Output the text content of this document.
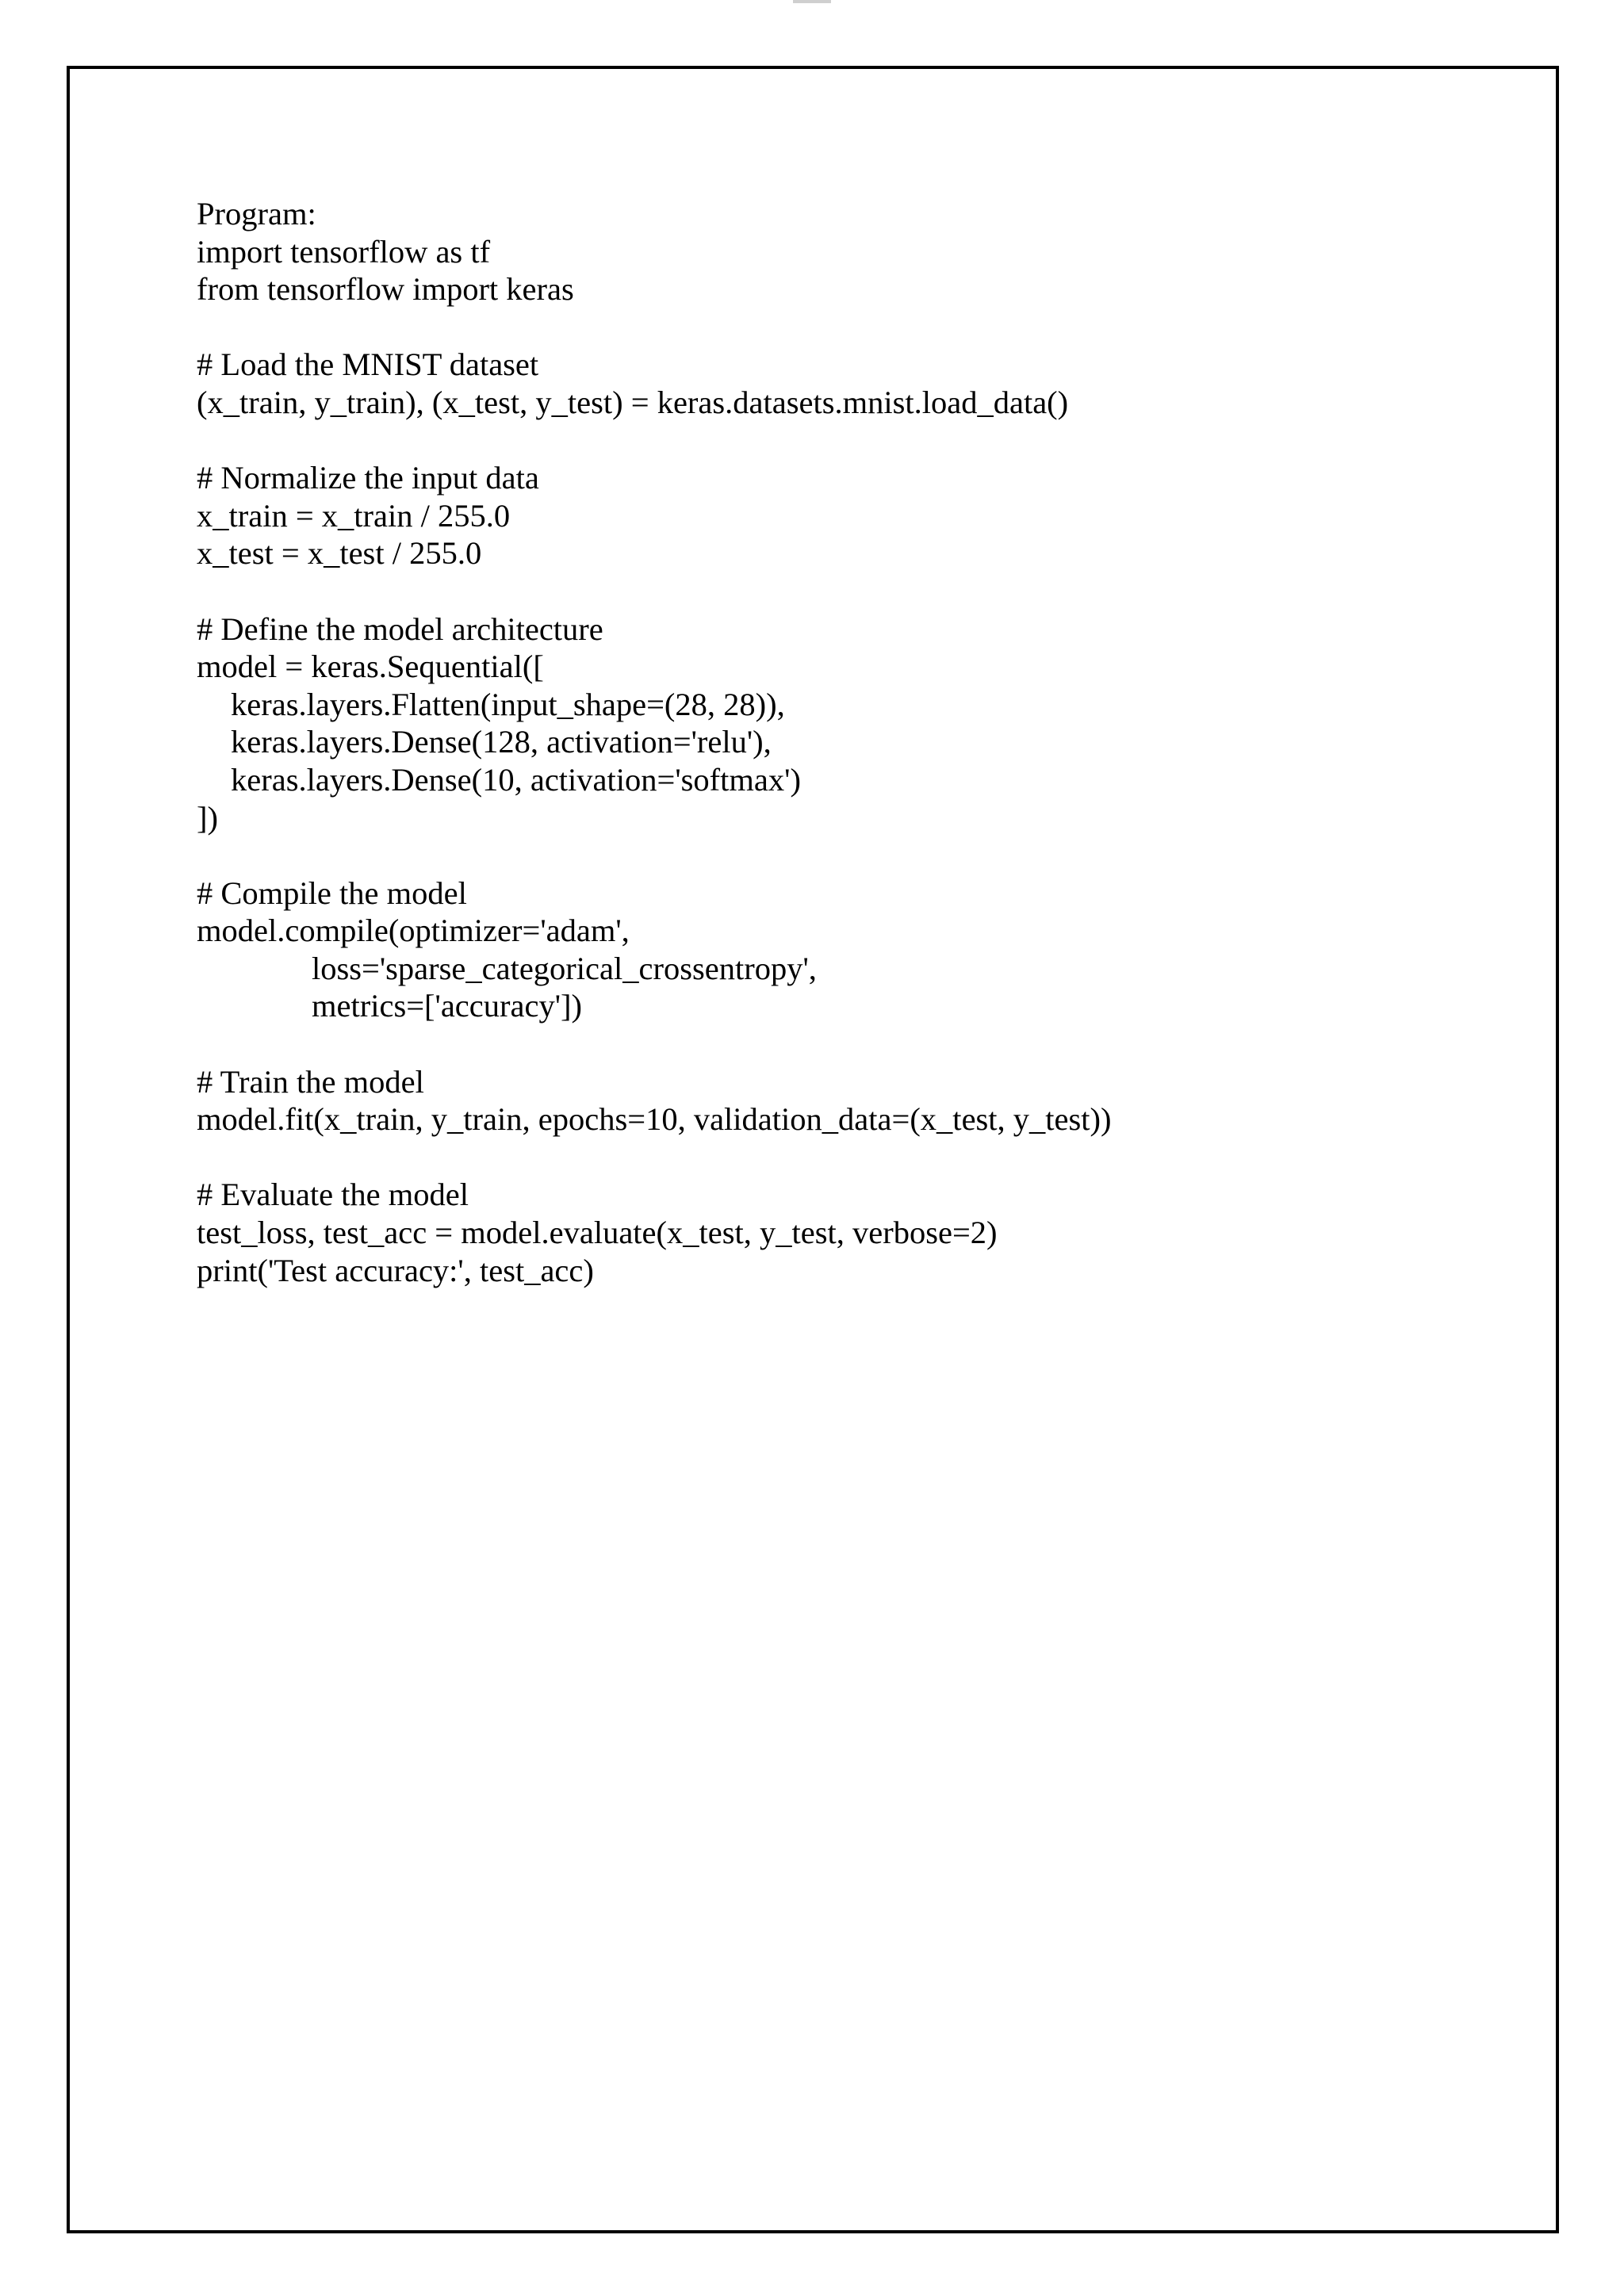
Program:
import tensorflow as tf
from tensorflow import keras
# Load the MNIST dataset
(x_train, y_train), (x_test, y_test) = keras.datasets.mnist.load_data()
# Normalize the input data
x_train = x_train / 255.0
x_test = x_test / 255.0
# Define the model architecture
model = keras.Sequential([
keras.layers.Flatten(input_shape=(28, 28)),
keras.layers.Dense(128, activation='relu'),
keras.layers.Dense(10, activation='softmax')
])
# Compile the model
model.compile(optimizer='adam',
loss='sparse_categorical_crossentropy',
metrics=['accuracy'])
# Train the model
model.fit(x_train, y_train, epochs=10, validation_data=(x_test, y_test))
# Evaluate the model
test_loss, test_acc = model.evaluate(x_test, y_test, verbose=2)
print('Test accuracy:', test_acc)
